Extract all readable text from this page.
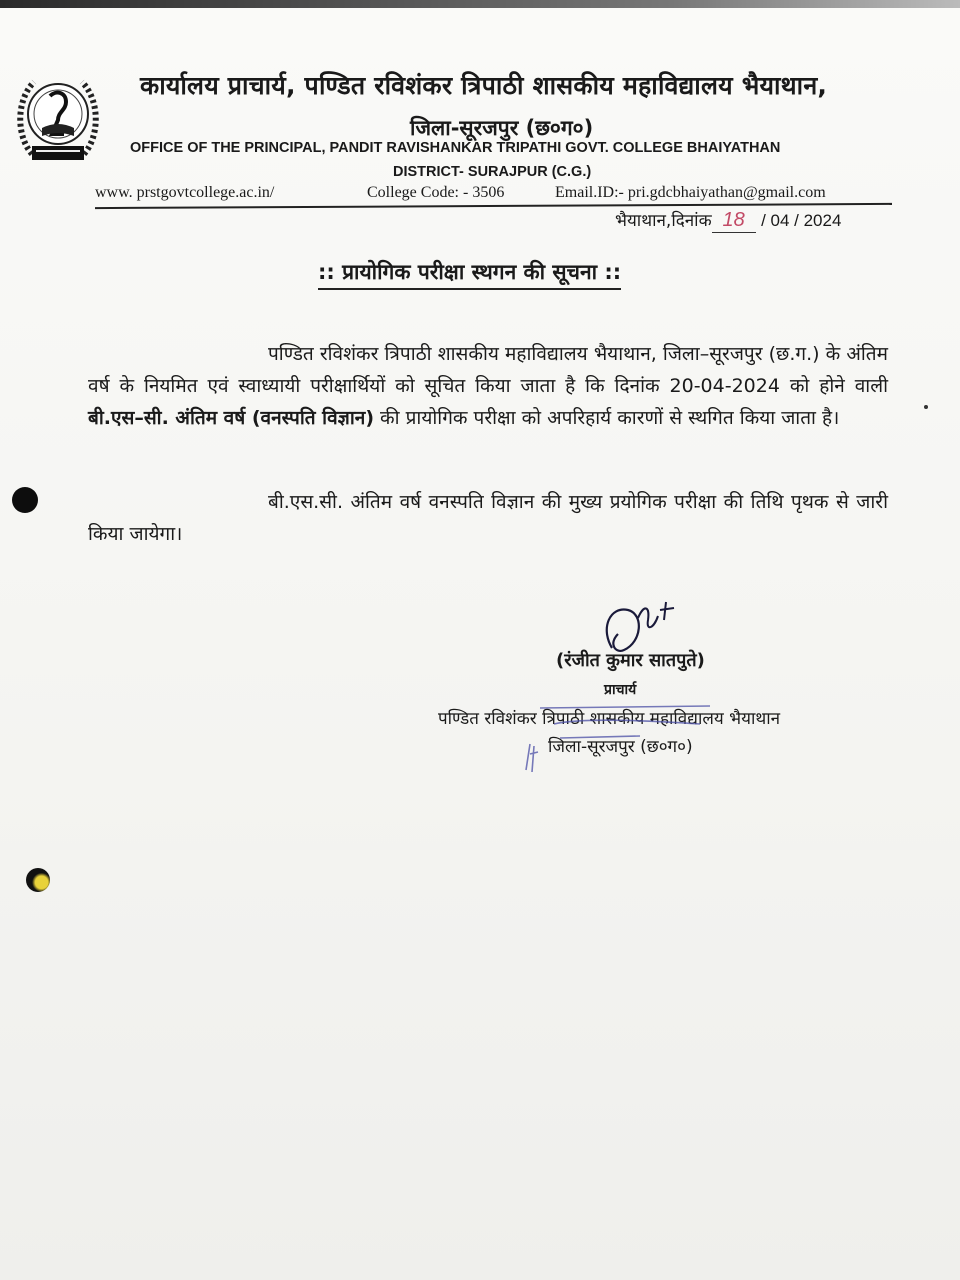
कार्यालय प्राचार्य, पण्डित रविशंकर त्रिपाठी शासकीय महाविद्यालय भैयाथान,
जिला-सूरजपुर (छ०ग०)
OFFICE OF THE PRINCIPAL, PANDIT RAVISHANKAR TRIPATHI GOVT. COLLEGE BHAIYATHAN
DISTRICT- SURAJPUR (C.G.)
www. prstgovtcollege.ac.in/	College Code: - 3506	Email.ID:- pri.gdcbhaiyathan@gmail.com
भैयाथान,दिनांक 18 / 04 / 2024
:: प्रायोगिक परीक्षा स्थगन की सूचना ::
पण्डित रविशंकर त्रिपाठी शासकीय महाविद्यालय भैयाथान, जिला–सूरजपुर (छ.ग.) के अंतिम वर्ष के नियमित एवं स्वाध्यायी परीक्षार्थियों को सूचित किया जाता है कि दिनांक 20-04-2024 को होने वाली बी.एस–सी. अंतिम वर्ष (वनस्पति विज्ञान) की प्रायोगिक परीक्षा को अपरिहार्य कारणों से स्थगित किया जाता है।
बी.एस.सी. अंतिम वर्ष वनस्पति विज्ञान की मुख्य प्रयोगिक परीक्षा की तिथि पृथक से जारी किया जायेगा।
(रंजीत कुमार सातपुते)
प्राचार्य
पण्डित रविशंकर त्रिपाठी शासकीय महाविद्यालय भैयाथान
जिला-सूरजपुर (छ०ग०)
